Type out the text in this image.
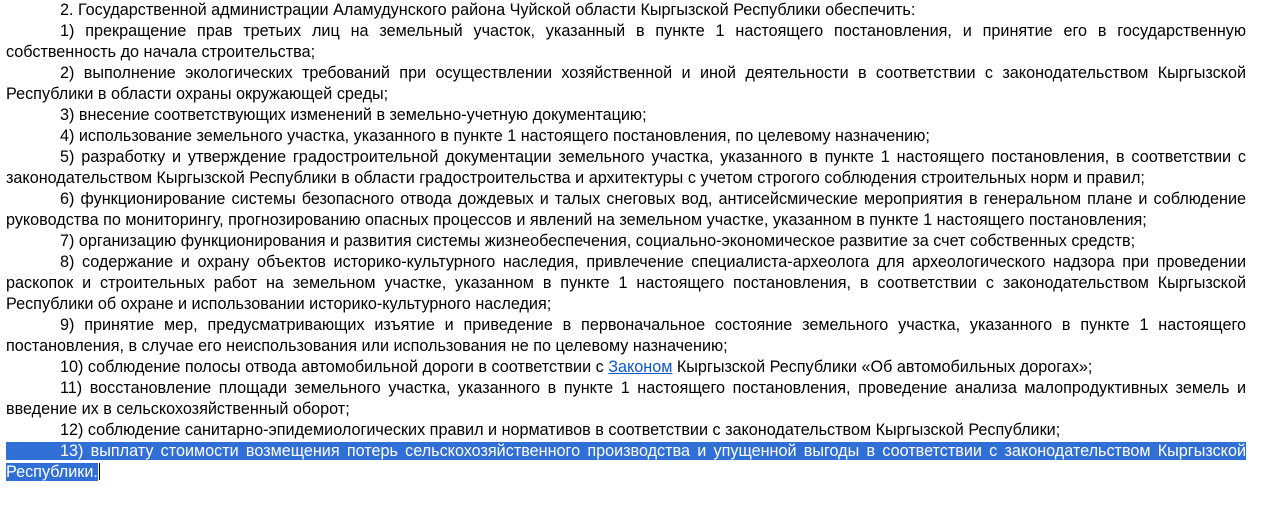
2. Государственной администрации Аламудунского района Чуйской области Кыргызской Республики обеспечить:

1) прекращение прав третьих лиц на земельный участок, указанный в пункте 1 настоящего постановления, и принятие его в государственную собственность до начала строительства;

2) выполнение экологических требований при осуществлении хозяйственной и иной деятельности в соответствии с законодательством Кыргызской Республики в области охраны окружающей среды;

3) внесение соответствующих изменений в земельно-учетную документацию;

4) использование земельного участка, указанного в пункте 1 настоящего постановления, по целевому назначению;

5) разработку и утверждение градостроительной документации земельного участка, указанного в пункте 1 настоящего постановления, в соответствии с законодательством Кыргызской Республики в области градостроительства и архитектуры с учетом строгого соблюдения строительных норм и правил;

6) функционирование системы безопасного отвода дождевых и талых снеговых вод, антисейсмические мероприятия в генеральном плане и соблюдение руководства по мониторингу, прогнозированию опасных процессов и явлений на земельном участке, указанном в пункте 1 настоящего постановления;

7) организацию функционирования и развития системы жизнеобеспечения, социально-экономическое развитие за счет собственных средств;

8) содержание и охрану объектов историко-культурного наследия, привлечение специалиста-археолога для археологического надзора при проведении раскопок и строительных работ на земельном участке, указанном в пункте 1 настоящего постановления, в соответствии с законодательством Кыргызской Республики об охране и использовании историко-культурного наследия;

9) принятие мер, предусматривающих изъятие и приведение в первоначальное состояние земельного участка, указанного в пункте 1 настоящего постановления, в случае его неиспользования или использования не по целевому назначению;

10) соблюдение полосы отвода автомобильной дороги в соответствии с Законом Кыргызской Республики «Об автомобильных дорогах»;

11) восстановление площади земельного участка, указанного в пункте 1 настоящего постановления, проведение анализа малопродуктивных земель и введение их в сельскохозяйственный оборот;

12) соблюдение санитарно-эпидемиологических правил и нормативов в соответствии с законодательством Кыргызской Республики;

13) выплату стоимости возмещения потерь сельскохозяйственного производства и упущенной выгоды в соответствии с законодательством Кыргызской Республики.
